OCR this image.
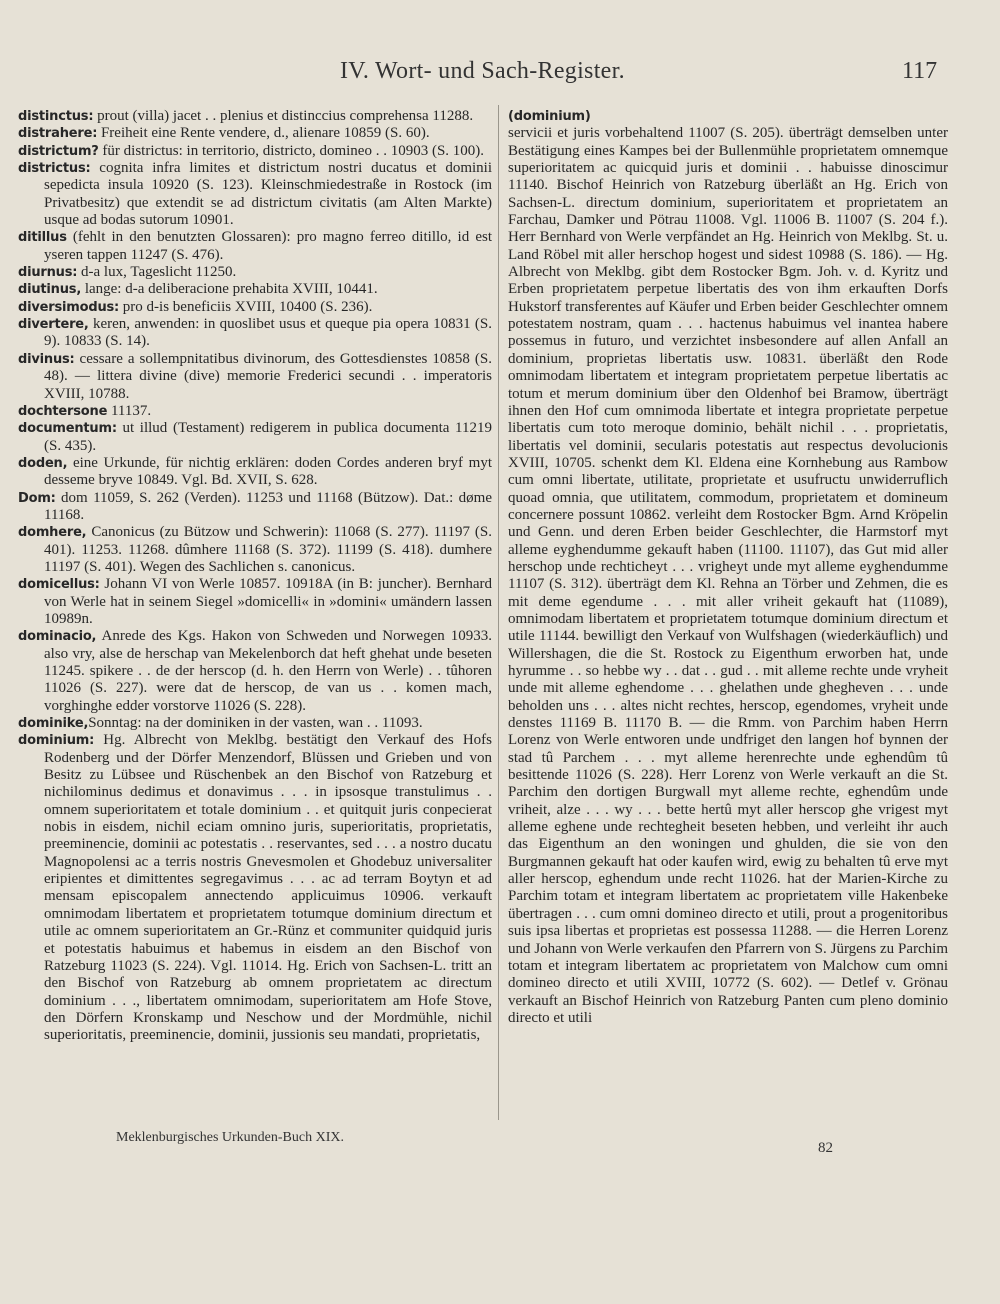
IV. Wort- und Sach-Register.	117

distinctus: prout (villa) jacet . . plenius et distinccius comprehensa 11288.

distrahere: Freiheit eine Rente vendere, d., alienare 10859 (S. 60).

districtum? für districtus: in territorio, districto, domineo . . 10903 (S. 100).

districtus: cognita infra limites et districtum nostri ducatus et dominii sepedicta insula 10920 (S. 123). Kleinschmiedestraße in Rostock (im Privatbesitz) que extendit se ad districtum civitatis (am Alten Markte) usque ad bodas sutorum 10901.

ditillus (fehlt in den benutzten Glossaren): pro magno ferreo ditillo, id est yseren tappen 11247 (S. 476).

diurnus: d-a lux, Tageslicht 11250.

diutinus, lange: d-a deliberacione prehabita XVIII, 10441.

diversimodus: pro d-is beneficiis XVIII, 10400 (S. 236).

divertere, keren, anwenden: in quoslibet usus et queque pia opera 10831 (S. 9). 10833 (S. 14).

divinus: cessare a sollempnitatibus divinorum, des Gottesdienstes 10858 (S. 48). — littera divine (dive) memorie Frederici secundi . . imperatoris XVIII, 10788.

dochtersone 11137.

documentum: ut illud (Testament) redigerem in publica documenta 11219 (S. 435).

doden, eine Urkunde, für nichtig erklären: doden Cordes anderen bryf myt desseme bryve 10849. Vgl. Bd. XVII, S. 628.

Dom: dom 11059, S. 262 (Verden). 11253 und 11168 (Bützow). Dat.: døme 11168.

domhere, Canonicus (zu Bützow und Schwerin): 11068 (S. 277). 11197 (S. 401). 11253. 11268. dûmhere 11168 (S. 372). 11199 (S. 418). dumhere 11197 (S. 401). Wegen des Sachlichen s. canonicus.

domicellus: Johann VI von Werle 10857. 10918A (in B: juncher). Bernhard von Werle hat in seinem Siegel »domicelli« in »domini« umändern lassen 10989n.

dominacio, Anrede des Kgs. Hakon von Schweden und Norwegen 10933. also vry, alse de herschap van Mekelenborch dat heft ghehat unde beseten 11245. spikere . . de der herscop (d. h. den Herrn von Werle) . . tûhoren 11026 (S. 227). were dat de herscop, de van us . . komen mach, vorghinghe edder vorstorve 11026 (S. 228).

dominike,Sonntag: na der dominiken in der vasten, wan . . 11093.

dominium: Hg. Albrecht von Meklbg. bestätigt den Verkauf des Hofs Rodenberg und der Dörfer Menzendorf, Blüssen und Grieben und von Besitz zu Lübsee und Rüschenbek an den Bischof von Ratzeburg et nichilominus dedimus et donavimus . . . in ipsosque transtulimus . . omnem superioritatem et totale dominium . . et quitquit juris conpecierat nobis in eisdem, nichil eciam omnino juris, superioritatis, proprietatis, preeminencie, dominii ac potestatis . . reservantes, sed . . . a nostro ducatu Magnopolensi ac a terris nostris Gnevesmolen et Ghodebuz universaliter eripientes et dimittentes segregavimus . . . ac ad terram Boytyn et ad mensam episcopalem annectendo applicuimus 10906. verkauft omnimodam libertatem et proprietatem totumque dominium directum et utile ac omnem superioritatem an Gr.-Rünz et communiter quidquid juris et potestatis habuimus et habemus in eisdem an den Bischof von Ratzeburg 11023 (S. 224). Vgl. 11014. Hg. Erich von Sachsen-L. tritt an den Bischof von Ratzeburg ab omnem proprietatem ac directum dominium . . ., libertatem omnimodam, superioritatem am Hofe Stove, den Dörfern Kronskamp und Neschow und der Mordmühle, nichil superioritatis, preeminencie, dominii, jussionis seu mandati, proprietatis,

(dominium)

servicii et juris vorbehaltend 11007 (S. 205). überträgt demselben unter Bestätigung eines Kampes bei der Bullenmühle proprietatem omnemque superioritatem ac quicquid juris et dominii . . habuisse dinoscimur 11140. Bischof Heinrich von Ratzeburg überläßt an Hg. Erich von Sachsen-L. directum dominium, superioritatem et proprietatem an Farchau, Damker und Pötrau 11008. Vgl. 11006 B. 11007 (S. 204 f.). Herr Bernhard von Werle verpfändet an Hg. Heinrich von Meklbg. St. u. Land Röbel mit aller herschop hogest und sidest 10988 (S. 186). — Hg. Albrecht von Meklbg. gibt dem Rostocker Bgm. Joh. v. d. Kyritz und Erben proprietatem perpetue libertatis des von ihm erkauften Dorfs Hukstorf transferentes auf Käufer und Erben beider Geschlechter omnem potestatem nostram, quam . . . hactenus habuimus vel inantea habere possemus in futuro, und verzichtet insbesondere auf allen Anfall an dominium, proprietas libertatis usw. 10831. überläßt den Rode omnimodam libertatem et integram proprietatem perpetue libertatis ac totum et merum dominium über den Oldenhof bei Bramow, überträgt ihnen den Hof cum omnimoda libertate et integra proprietate perpetue libertatis cum toto meroque dominio, behält nichil . . . proprietatis, libertatis vel dominii, secularis potestatis aut respectus devolucionis XVIII, 10705. schenkt dem Kl. Eldena eine Kornhebung aus Rambow cum omni libertate, utilitate, proprietate et usufructu unwiderruflich quoad omnia, que utilitatem, commodum, proprietatem et domineum concernere possunt 10862. verleiht dem Rostocker Bgm. Arnd Kröpelin und Genn. und deren Erben beider Geschlechter, die Harmstorf myt alleme eyghendumme gekauft haben (11100. 11107), das Gut mid aller herschop unde rechticheyt . . . vrigheyt unde myt alleme eyghendumme 11107 (S. 312). überträgt dem Kl. Rehna an Törber und Zehmen, die es mit deme egendume . . . mit aller vriheit gekauft hat (11089), omnimodam libertatem et proprietatem totumque dominium directum et utile 11144. bewilligt den Verkauf von Wulfshagen (wiederkäuflich) und Willershagen, die die St. Rostock zu Eigenthum erworben hat, unde hyrumme . . so hebbe wy . . dat . . gud . . mit alleme rechte unde vryheit unde mit alleme eghendome . . . ghelathen unde ghegheven . . . unde beholden uns . . . altes nicht rechtes, herscop, egendomes, vryheit unde denstes 11169 B. 11170 B. — die Rmm. von Parchim haben Herrn Lorenz von Werle entworen unde undfriget den langen hof bynnen der stad tû Parchem . . . myt alleme herenrechte unde eghendûm tû besittende 11026 (S. 228). Herr Lorenz von Werle verkauft an die St. Parchim den dortigen Burgwall myt alleme rechte, eghendûm unde vriheit, alze . . . wy . . . bette hertû myt aller herscop ghe vrigest myt alleme eghene unde rechtegheit beseten hebben, und verleiht ihr auch das Eigenthum an den woningen und ghulden, die sie von den Burgmannen gekauft hat oder kaufen wird, ewig zu behalten tû erve myt aller herscop, eghendum unde recht 11026. hat der Marien-Kirche zu Parchim totam et integram libertatem ac proprietatem ville Hakenbeke übertragen . . . cum omni domineo directo et utili, prout a progenitoribus suis ipsa libertas et proprietas est possessa 11288. — die Herren Lorenz und Johann von Werle verkaufen den Pfarrern von S. Jürgens zu Parchim totam et integram libertatem ac proprietatem von Malchow cum omni domineo directo et utili XVIII, 10772 (S. 602). — Detlef v. Grönau verkauft an Bischof Heinrich von Ratzeburg Panten cum pleno dominio directo et utili

Meklenburgisches Urkunden-Buch XIX.
82
